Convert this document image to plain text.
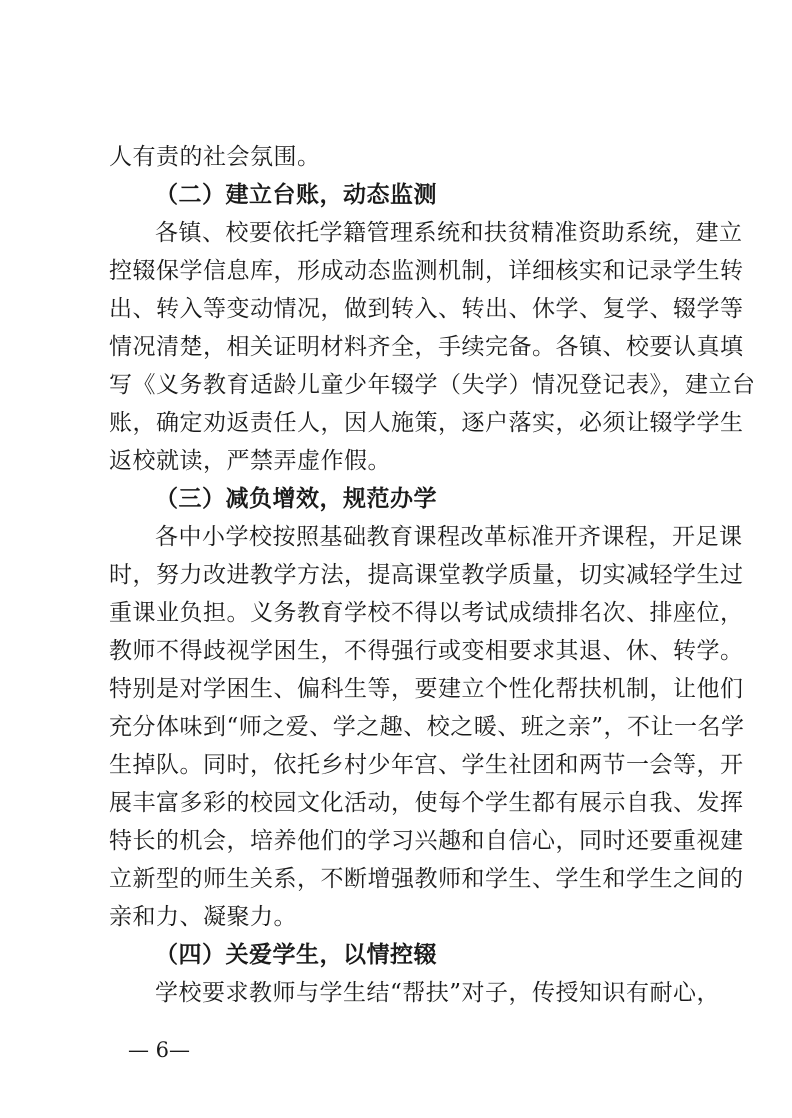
人有责的社会氛围。
（二）建立台账，动态监测
各镇、校要依托学籍管理系统和扶贫精准资助系统，建立
控辍保学信息库，形成动态监测机制，详细核实和记录学生转
出、转入等变动情况，做到转入、转出、休学、复学、辍学等
情况清楚，相关证明材料齐全，手续完备。各镇、校要认真填
写《义务教育适龄儿童少年辍学（失学）情况登记表》，建立台
账，确定劝返责任人，因人施策，逐户落实，必须让辍学学生
返校就读，严禁弄虚作假。
（三）减负增效，规范办学
各中小学校按照基础教育课程改革标准开齐课程，开足课
时，努力改进教学方法，提高课堂教学质量，切实减轻学生过
重课业负担。义务教育学校不得以考试成绩排名次、排座位，
教师不得歧视学困生，不得强行或变相要求其退、休、转学。
特别是对学困生、偏科生等，要建立个性化帮扶机制，让他们
充分体味到“师之爱、学之趣、校之暖、班之亲”，不让一名学
生掉队。同时，依托乡村少年宫、学生社团和两节一会等，开
展丰富多彩的校园文化活动，使每个学生都有展示自我、发挥
特长的机会，培养他们的学习兴趣和自信心，同时还要重视建
立新型的师生关系，不断增强教师和学生、学生和学生之间的
亲和力、凝聚力。
（四）关爱学生，以情控辍
学校要求教师与学生结“帮扶”对子，传授知识有耐心，
— 6—
